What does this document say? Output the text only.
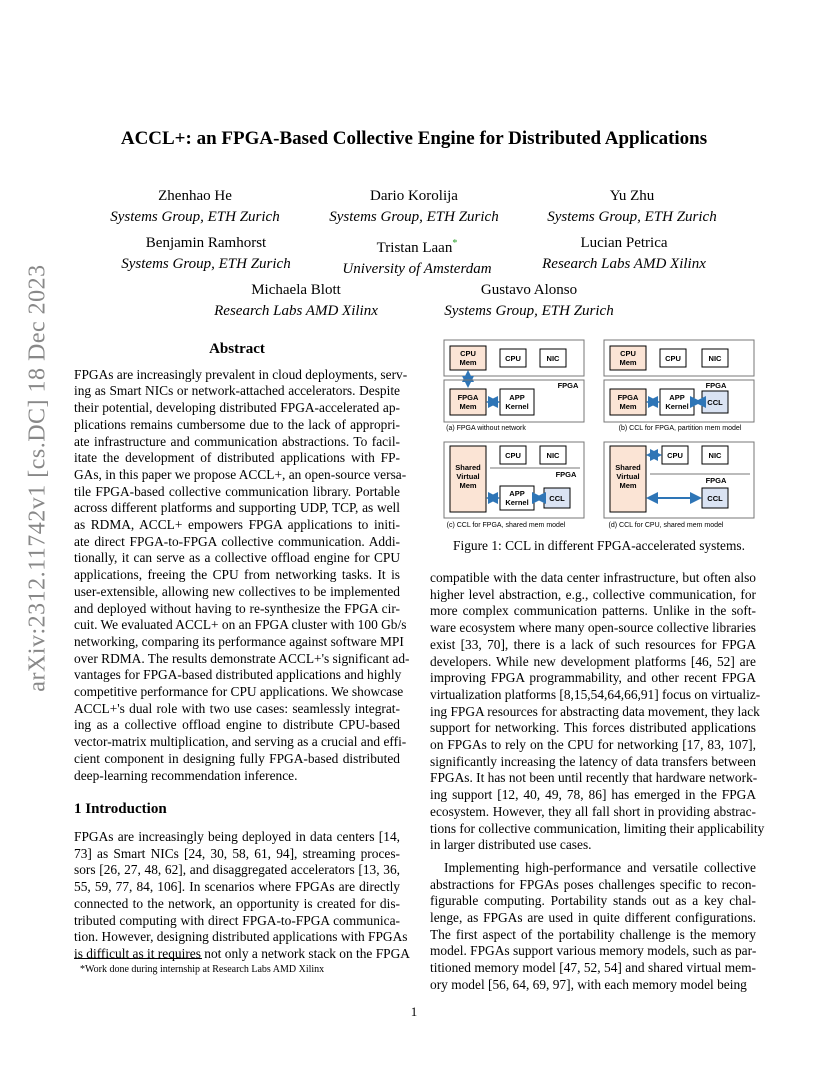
arXiv:2312.11742v1 [cs.DC] 18 Dec 2023
ACCL+: an FPGA-Based Collective Engine for Distributed Applications
Zhenhao He
Systems Group, ETH Zurich
Dario Korolija
Systems Group, ETH Zurich
Yu Zhu
Systems Group, ETH Zurich
Benjamin Ramhorst
Systems Group, ETH Zurich
Tristan Laan*
University of Amsterdam
Lucian Petrica
Research Labs AMD Xilinx
Michaela Blott
Research Labs AMD Xilinx
Gustavo Alonso
Systems Group, ETH Zurich
Abstract
FPGAs are increasingly prevalent in cloud deployments, serv-
ing as Smart NICs or network-attached accelerators. Despite
their potential, developing distributed FPGA-accelerated ap-
plications remains cumbersome due to the lack of appropri-
ate infrastructure and communication abstractions. To facil-
itate the development of distributed applications with FP-
GAs, in this paper we propose ACCL+, an open-source versa-
tile FPGA-based collective communication library. Portable
across different platforms and supporting UDP, TCP, as well
as RDMA, ACCL+ empowers FPGA applications to initi-
ate direct FPGA-to-FPGA collective communication. Addi-
tionally, it can serve as a collective offload engine for CPU
applications, freeing the CPU from networking tasks. It is
user-extensible, allowing new collectives to be implemented
and deployed without having to re-synthesize the FPGA cir-
cuit. We evaluated ACCL+ on an FPGA cluster with 100 Gb/s
networking, comparing its performance against software MPI
over RDMA. The results demonstrate ACCL+'s significant ad-
vantages for FPGA-based distributed applications and highly
competitive performance for CPU applications. We showcase
ACCL+'s dual role with two use cases: seamlessly integrat-
ing as a collective offload engine to distribute CPU-based
vector-matrix multiplication, and serving as a crucial and effi-
cient component in designing fully FPGA-based distributed
deep-learning recommendation inference.
1 Introduction
FPGAs are increasingly being deployed in data centers [14,
73] as Smart NICs [24, 30, 58, 61, 94], streaming proces-
sors [26, 27, 48, 62], and disaggregated accelerators [13, 36,
55, 59, 77, 84, 106]. In scenarios where FPGAs are directly
connected to the network, an opportunity is created for dis-
tributed computing with direct FPGA-to-FPGA communica-
tion. However, designing distributed applications with FPGAs
is difficult as it requires not only a network stack on the FPGA
*Work done during internship at Research Labs AMD Xilinx
CPU
Mem	CPU	NIC
FPGA
FPGA
Mem
APP
Kernel
(a) FPGA without network
CPU
Mem	CPU	NIC
FPGA
FPGA
Mem
APP
Kernel CCL
(b) CCL for FPGA, partition mem model
Shared
Virtual
Mem
CPU	NIC
FPGA
APP
Kernel	CCL
(c) CCL for FPGA, shared mem model
Shared
Virtual
Mem
CPU	NIC
FPGA
CCL
(d) CCL for CPU, shared mem model
Figure 1: CCL in different FPGA-accelerated systems.
compatible with the data center infrastructure, but often also
higher level abstraction, e.g., collective communication, for
more complex communication patterns. Unlike in the soft-
ware ecosystem where many open-source collective libraries
exist [33, 70], there is a lack of such resources for FPGA
developers. While new development platforms [46, 52] are
improving FPGA programmability, and other recent FPGA
virtualization platforms [8,15,54,64,66,91] focus on virtualiz-
ing FPGA resources for abstracting data movement, they lack
support for networking. This forces distributed applications
on FPGAs to rely on the CPU for networking [17, 83, 107],
significantly increasing the latency of data transfers between
FPGAs. It has not been until recently that hardware network-
ing support [12, 40, 49, 78, 86] has emerged in the FPGA
ecosystem. However, they all fall short in providing abstrac-
tions for collective communication, limiting their applicability
in larger distributed use cases.
Implementing high-performance and versatile collective
abstractions for FPGAs poses challenges specific to recon-
figurable computing. Portability stands out as a key chal-
lenge, as FPGAs are used in quite different configurations.
The first aspect of the portability challenge is the memory
model. FPGAs support various memory models, such as par-
titioned memory model [47, 52, 54] and shared virtual mem-
ory model [56, 64, 69, 97], with each memory model being
1
